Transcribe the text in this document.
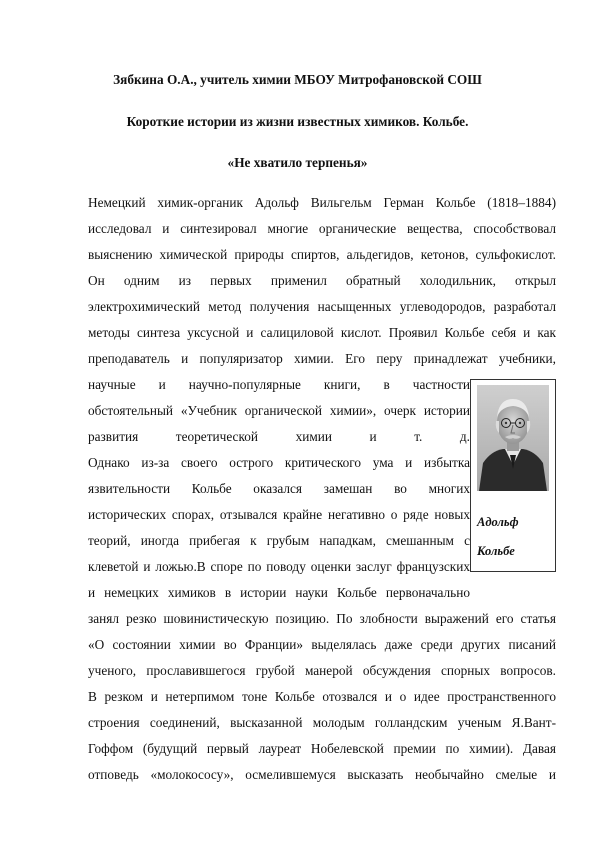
Зябкина О.А., учитель химии МБОУ Митрофановской СОШ
Короткие истории из жизни известных химиков. Кольбе.
«Не хватило терпенья»
Немецкий химик-органик Адольф Вильгельм Герман Кольбе (1818–1884)
исследовал и синтезировал многие органические вещества, способствовал
выяснению химической природы спиртов, альдегидов, кетонов, сульфокислот.
Он одним из первых применил обратный холодильник, открыл
электрохимический метод получения насыщенных углеводородов, разработал
методы синтеза уксусной и салициловой кислот. Проявил Кольбе себя и как
преподаватель и популяризатор химии. Его перу принадлежат учебники,
научные и научно-популярные книги, в частности
обстоятельный «Учебник органической химии», очерк истории
развития теоретической химии и т. д.
Однако из-за своего острого критического ума и избытка
язвительности Кольбе оказался замешан во многих
исторических спорах, отзывался крайне негативно о ряде новых
теорий, иногда прибегая к грубым нападкам, смешанным с
клеветой и ложью.В споре по поводу оценки заслуг французских
и немецких химиков в истории науки Кольбе первоначально
занял резко шовинистическую позицию. По злобности выражений его статья
«О состоянии химии во Франции» выделялась даже среди других писаний
ученого, прославившегося грубой манерой обсуждения спорных вопросов.
В резком и нетерпимом тоне Кольбе отозвался и о идее пространственного
строения соединений, высказанной молодым голландским ученым Я.Вант-
Гоффом (будущий первый лауреат Нобелевской премии по химии). Давая
отповедь «молокососу», осмелившемуся высказать необычайно смелые и
Адольф
Кольбе
